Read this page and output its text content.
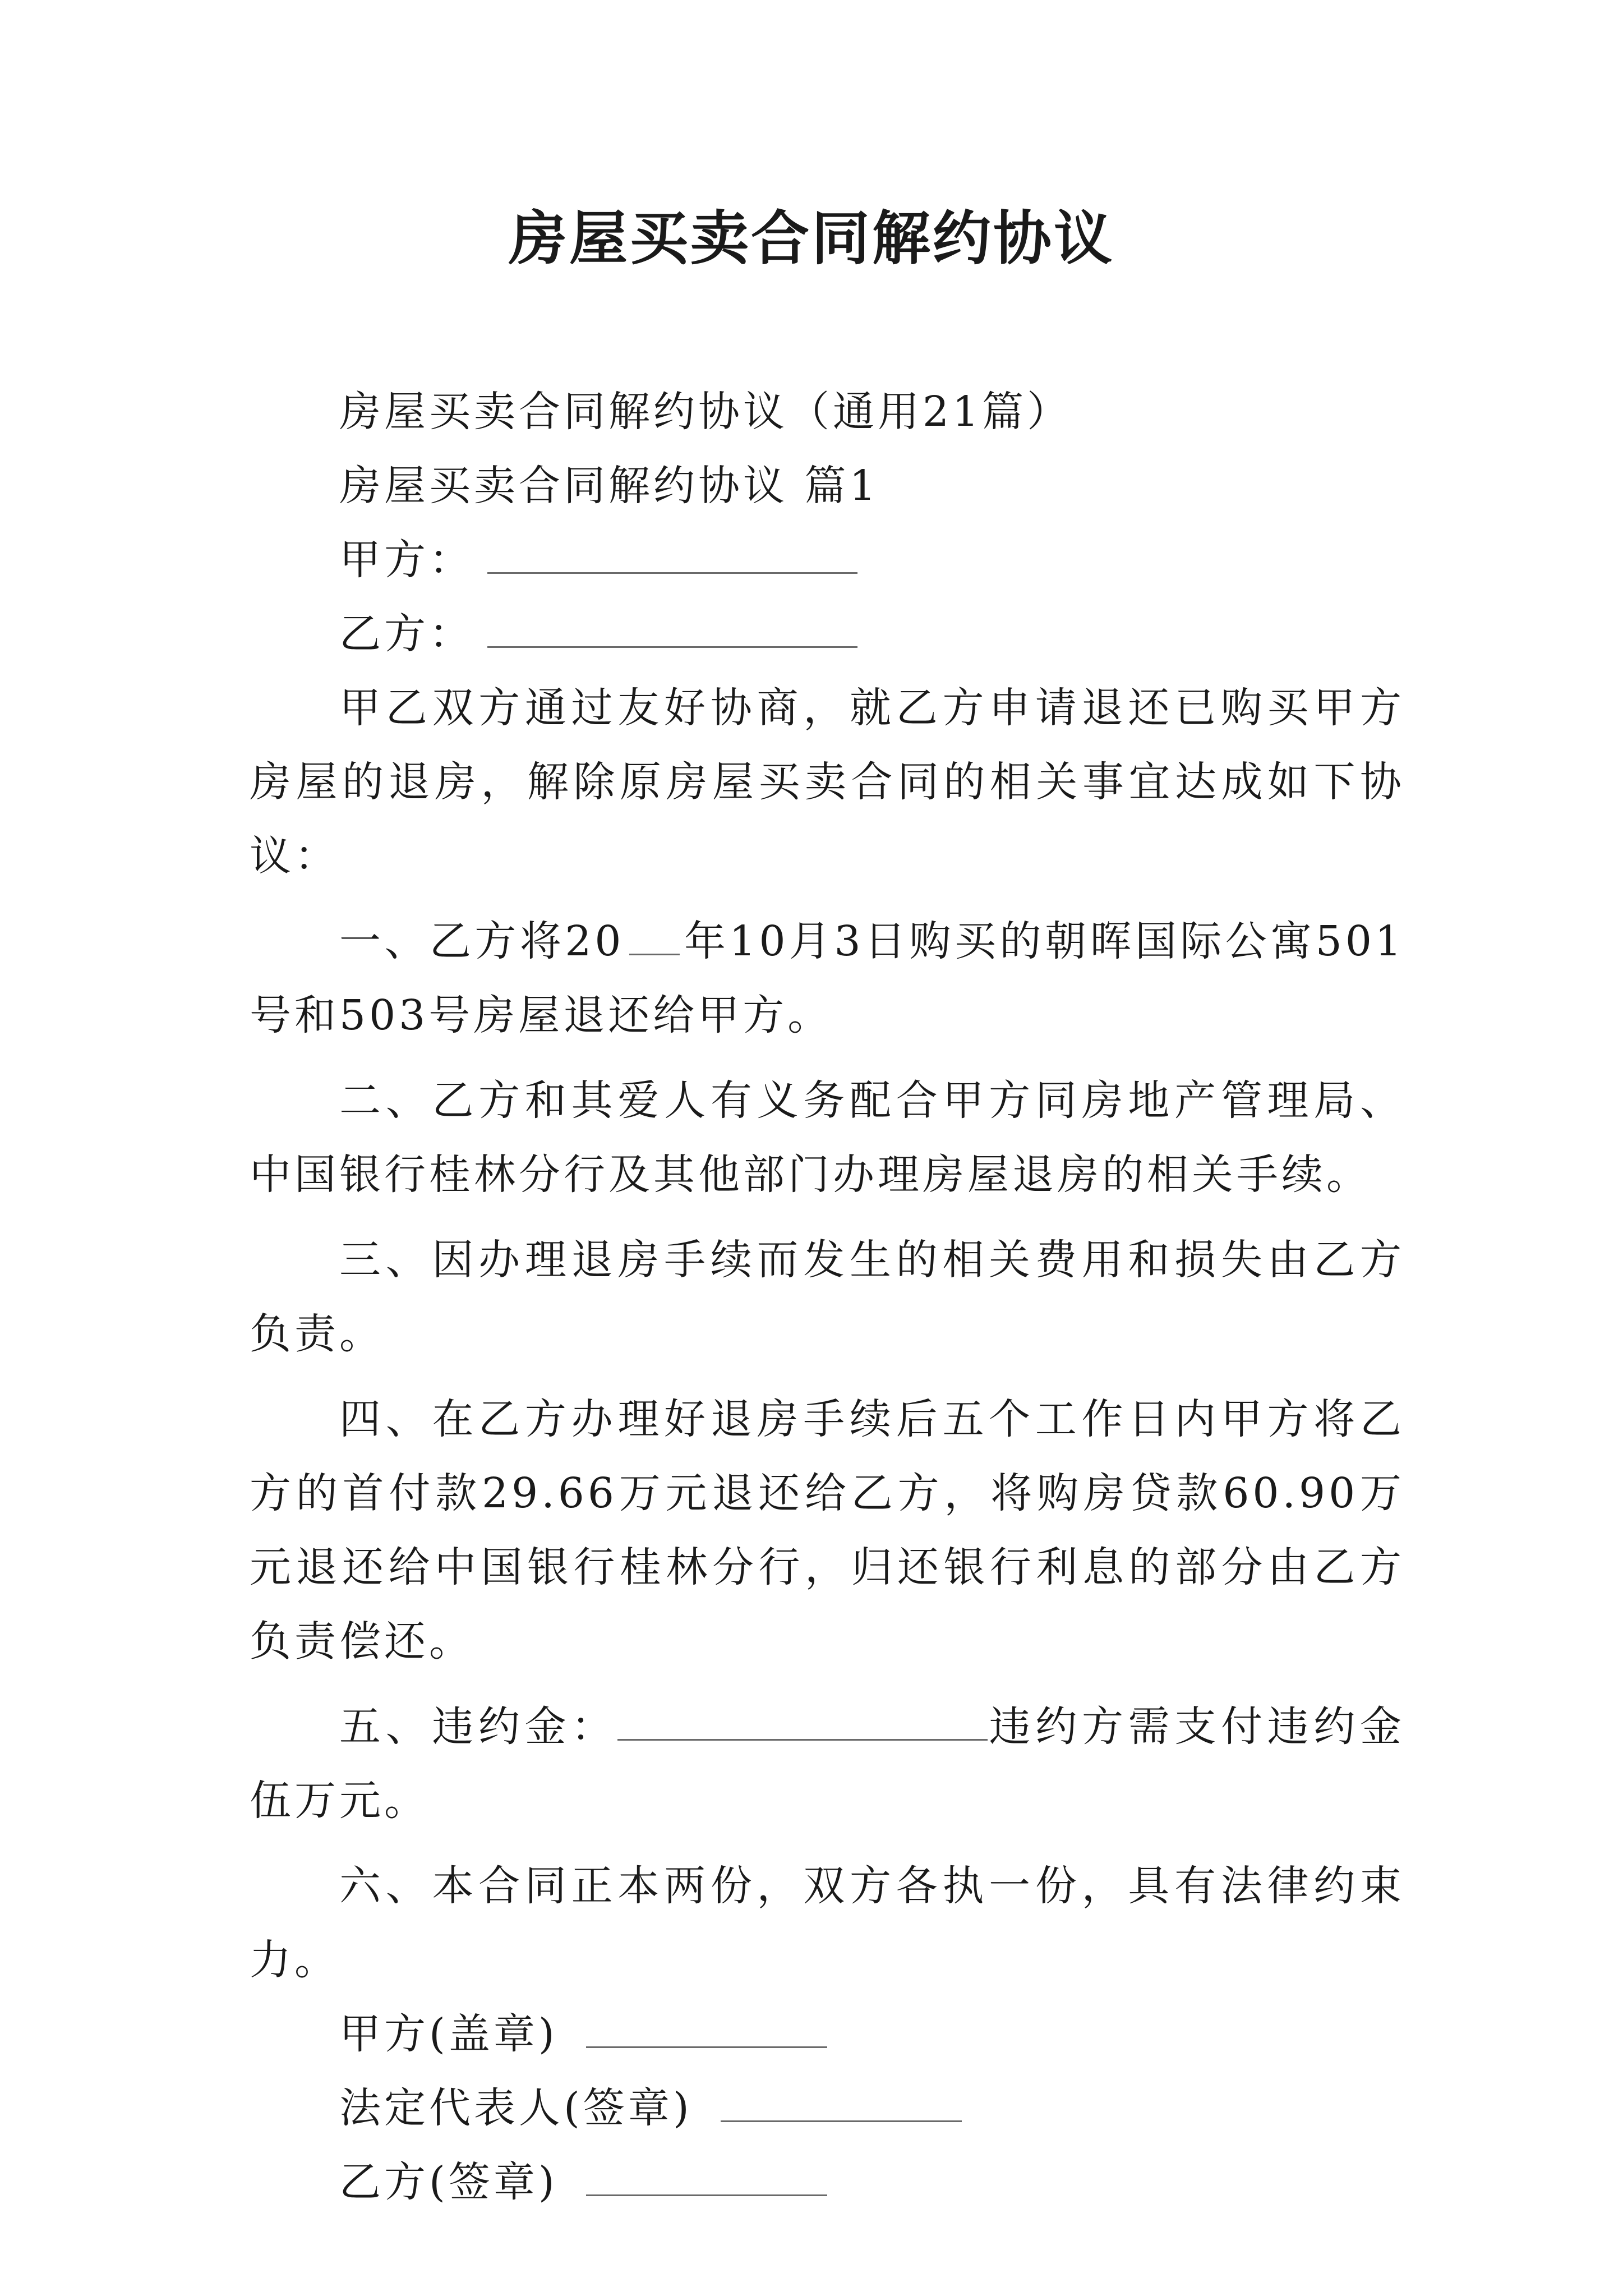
房屋买卖合同解约协议

房屋买卖合同解约协议（通用21篇）

房屋买卖合同解约协议 篇1

甲方：

乙方：

甲乙双方通过友好协商，就乙方申请退还已购买甲方房屋的退房，解除原房屋买卖合同的相关事宜达成如下协议：

一、乙方将20 年10月3日购买的朝晖国际公寓501号和503号房屋退还给甲方。

二、乙方和其爱人有义务配合甲方同房地产管理局、中国银行桂林分行及其他部门办理房屋退房的相关手续。

三、因办理退房手续而发生的相关费用和损失由乙方负责。

四、在乙方办理好退房手续后五个工作日内甲方将乙方的首付款29.66万元退还给乙方，将购房贷款60.90万元退还给中国银行桂林分行，归还银行利息的部分由乙方负责偿还。

五、违约金：	违约方需支付违约金伍万元。

六、本合同正本两份，双方各执一份，具有法律约束力。

甲方(盖章)

法定代表人(签章)

乙方(签章)
